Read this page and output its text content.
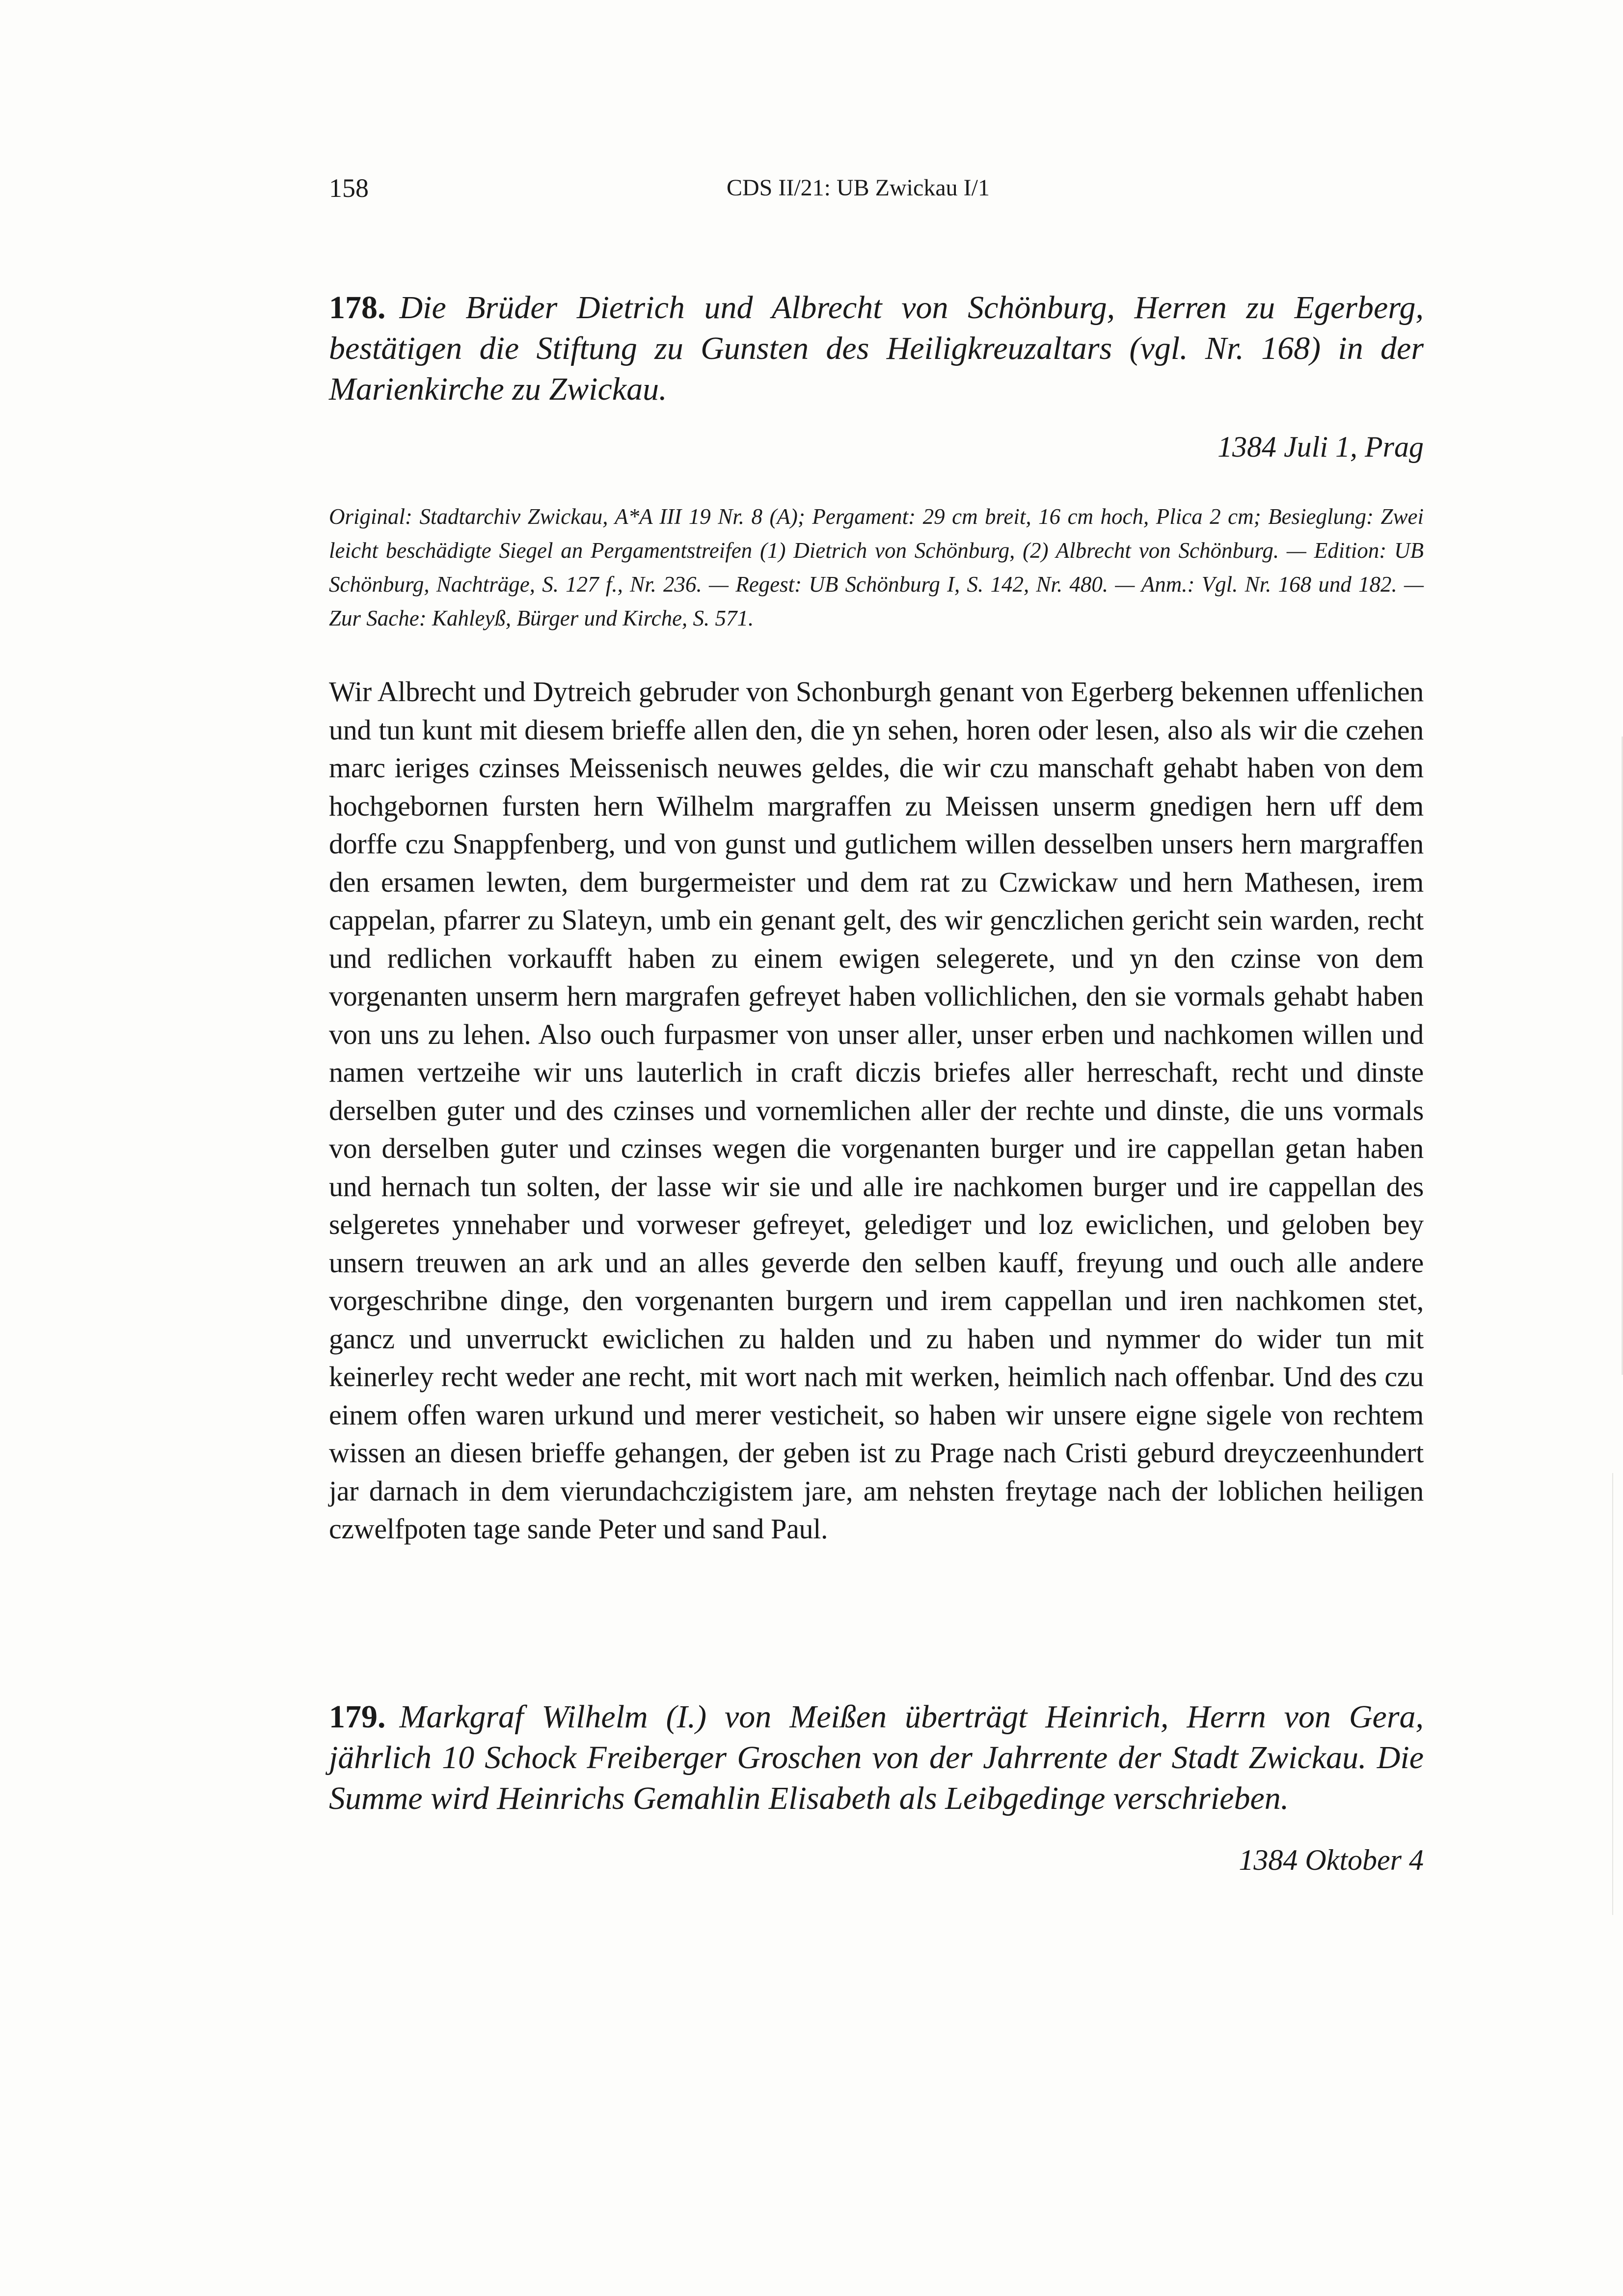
158	CDS II/21: UB Zwickau I/1
178. Die Brüder Dietrich und Albrecht von Schönburg, Herren zu Egerberg, bestätigen die Stiftung zu Gunsten des Heiligkreuzaltars (vgl. Nr. 168) in der Marienkirche zu Zwickau.

1384 Juli 1, Prag

Original: Stadtarchiv Zwickau, A*A III 19 Nr. 8 (A); Pergament: 29 cm breit, 16 cm hoch, Plica 2 cm; Besieglung: Zwei leicht beschädigte Siegel an Pergamentstreifen (1) Dietrich von Schönburg, (2) Albrecht von Schönburg. — Edition: UB Schönburg, Nachträge, S. 127 f., Nr. 236. — Regest: UB Schönburg I, S. 142, Nr. 480. — Anm.: Vgl. Nr. 168 und 182. — Zur Sache: Kahleyß, Bürger und Kirche, S. 571.

Wir Albrecht und Dytreich gebruder von Schonburgh genant von Egerberg bekennen uffenlichen und tun kunt mit diesem brieffe allen den, die yn sehen, horen oder lesen, also als wir die czehen marc ieriges czinses Meissenisch neuwes geldes, die wir czu manschaft gehabt haben von dem hochgebornen fursten hern Wilhelm margraffen zu Meissen unserm gnedigen hern uff dem dorffe czu Snappfenberg, und von gunst und gutlichem willen desselben unsers hern margraffen den ersamen lewten, dem burgermeister und dem rat zu Czwickaw und hern Mathesen, irem cappelan, pfarrer zu Slateyn, umb ein genant gelt, des wir genczlichen gericht sein warden, recht und redlichen vorkaufft haben zu einem ewigen selegerete, und yn den czinse von dem vorgenanten unserm hern margrafen gefreyet haben vollichlichen, den sie vormals gehabt haben von uns zu lehen. Also ouch furpasmer von unser aller, unser erben und nachkomen willen und namen vertzeihe wir uns lauterlich in craft diczis briefes aller herreschaft, recht und dinste derselben guter und des czinses und vornemlichen aller der rechte und dinste, die uns vormals von derselben guter und czinses wegen die vorgenanten burger und ire cappellan getan haben und hernach tun solten, der lasse wir sie und alle ire nachkomen burger und ire cappellan des selgeretes ynnehaber und vorweser gefreyet, geledigет und loz ewiclichen, und geloben bey unsern treuwen an ark und an alles geverde den selben kauff, freyung und ouch alle andere vorgeschribne dinge, den vorgenanten burgern und irem cappellan und iren nachkomen stet, gancz und unverruckt ewiclichen zu halden und zu haben und nymmer do wider tun mit keinerley recht weder ane recht, mit wort nach mit werken, heimlich nach offenbar. Und des czu einem offen waren urkund und merer vesticheit, so haben wir unsere eigne sigele von rechtem wissen an diesen brieffe gehangen, der geben ist zu Prage nach Cristi geburd dreyczeenhundert jar darnach in dem vierundachczigistem jare, am nehsten freytage nach der loblichen heiligen czwelfpoten tage sande Peter und sand Paul.

179. Markgraf Wilhelm (I.) von Meißen überträgt Heinrich, Herrn von Gera, jährlich 10 Schock Freiberger Groschen von der Jahrrente der Stadt Zwickau. Die Summe wird Heinrichs Gemahlin Elisabeth als Leibgedinge verschrieben.

1384 Oktober 4
